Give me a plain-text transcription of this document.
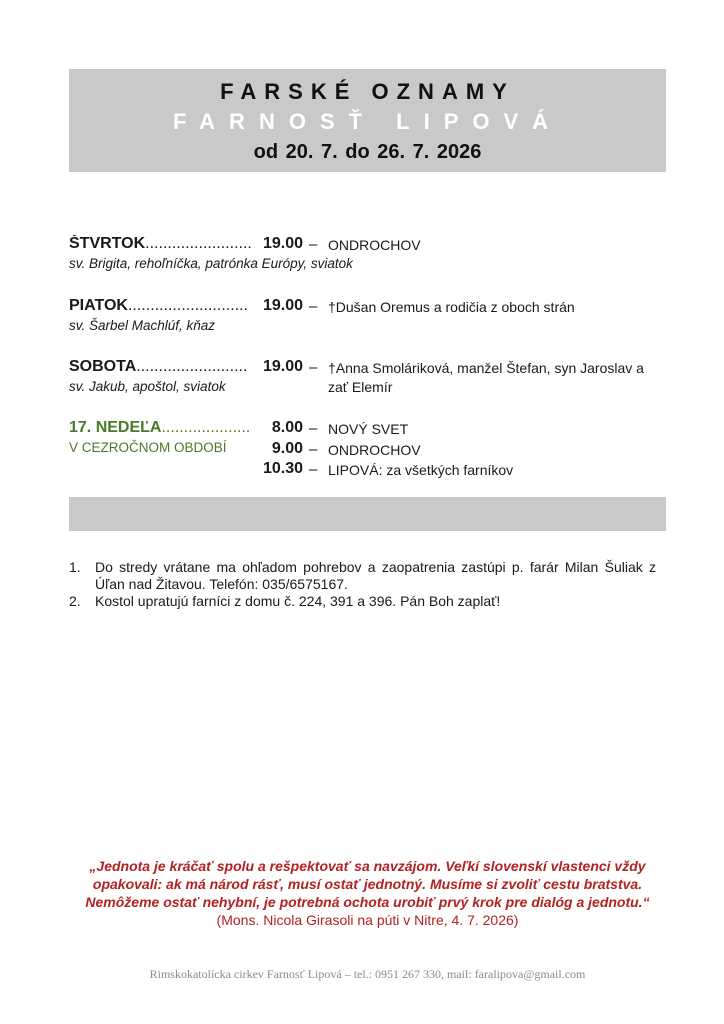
FARSKÉ OZNAMY
FARNOSŤ LIPOVÁ
od 20. 7. do 26. 7. 2026
ŠTVRTOK........................ 19.00 – ONDROCHOV
sv. Brigita, rehoľníčka, patrónka Európy, sviatok
PIATOK........................... 19.00 – †Dušan Oremus a rodičia z oboch strán
sv. Šarbel Machlúf, kňaz
SOBOTA......................... 19.00 – †Anna Smoláriková, manžel Štefan, syn Jaroslav a zať Elemír
sv. Jakub, apoštol, sviatok
17. NEDEĽA....................
V CEZROČNOM OBDOBÍ
8.00 – NOVÝ SVET
9.00 – ONDROCHOV
10.30 – LIPOVÁ: za všetkých farníkov
1. Do stredy vrátane ma ohľadom pohrebov a zaopatrenia zastúpi p. farár Milan Šuliak z Úľan nad Žitavou. Telefón: 035/6575167.
2. Kostol upratujú farníci z domu č. 224, 391 a 396. Pán Boh zaplať!
„Jednota je kráčať spolu a rešpektovať sa navzájom. Veľkí slovenskí vlastenci vždy opakovali: ak má národ rásť, musí ostať jednotný. Musíme si zvoliť cestu bratstva. Nemôžeme ostať nehybní, je potrebná ochota urobiť prvý krok pre dialóg a jednotu.“
(Mons. Nicola Girasoli na púti v Nitre, 4. 7. 2026)
Rimskokatolícka cirkev Farnosť Lipová – tel.: 0951 267 330, mail: faralipova@gmail.com
